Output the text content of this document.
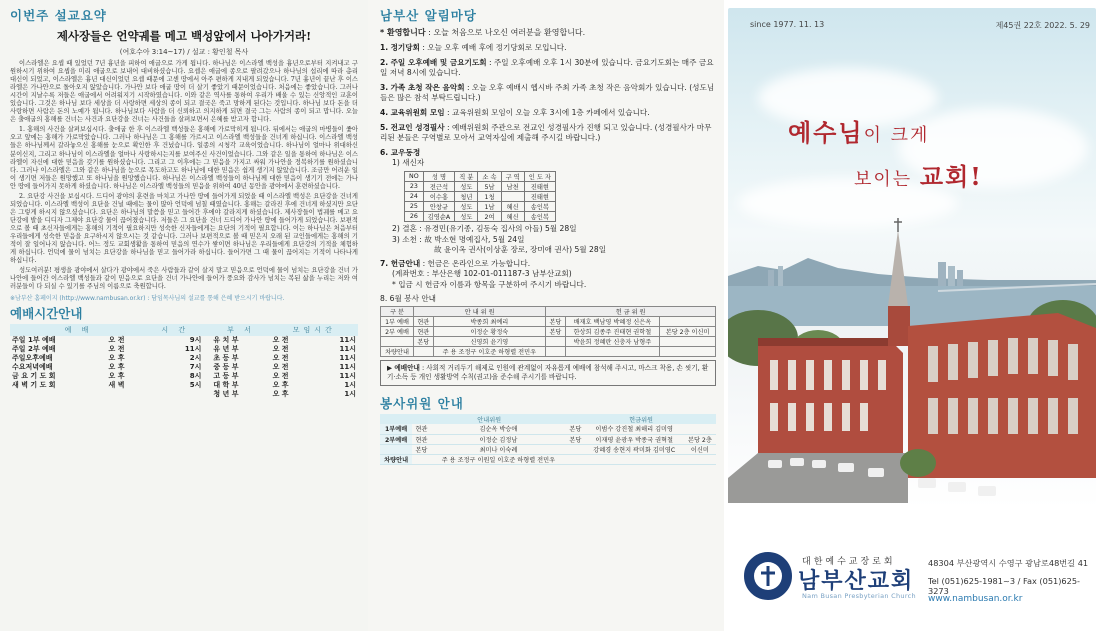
이번주 설교요약
제사장들은 언약궤를 메고 백성앞에서 나아가거라!
(여호수아 3:14~17) / 설교 : 황인철 목사

이스라엘은 요셉 때 있었던 7년 흉년을 피하여 애굽으로 가게 됩니다. 하나님은 이스라엘 백성을 흉년으로부터 지켜내고 구원하시기 위하여 요셉을 미리 애굽으로 보내어 대비하셨습니다. 요셉은 애굽에 종으로 팔려갔으나 하나님의 섭리에 따라 총리 대신이 되었고, 이스라엘은 흉년 대신이었던 요셉 때문에 고센 땅에서 아주 편하게 지내게 되었습니다. 7년 흉년이 끝난 후 이스라엘은 가나안으로 돌아오지 않았습니다. 가나안 보다 애굽 땅이 더 살기 좋았기 때문이었습니다. 처음에는 좋았습니다. 그러나 시간이 지날수록 저들은 애굽에서 어려워지기 시작하였습니다. 이와 같은 역사를 통하여 우리가 배울 수 있는 신앙적인 교훈이 있습니다. 그것은 하나님 보다 세상을 더 사랑하면 세상의 종이 되고 결국은 죽고 망하게 된다는 것입니다. 하나님 보다 돈을 더 사랑하면 사람은 돈의 노예가 됩니다. 하나님보다 사람을 더 신뢰하고 의지하게 되면 결국 그는 사람의 종이 되고 맙니다. 오늘은 출애굽의 홍해를 건너는 사건과 요단강을 건너는 사건들을 살펴보면서 은혜를 받고자 합니다.

1. 홍해의 사건을 살펴보십시다. 출애굽 한 후 이스라엘 백성들은 홍해에 가로막히게 됩니다. 뒤에서는 애굽의 마병들이 좇아오고 앞에는 홍해가 가로막았습니다. 그러나 하나님은 그 홍해를 가르시고 이스라엘 백성들을 건너게 하십니다. 이스라엘 백성들은 하나님께서 갈라놓으신 홍해를 눈으로 확인한 후 건넜습니다. 일종의 시청각 교육이었습니다. 하나님이 얼마나 위대하신 분이신지, 그리고 하나님이 이스라엘을 얼마나 사랑하시는지를 보여주신 사건이었습니다. 그와 같은 일을 통하여 하나님은 이스라엘이 자신에 대한 믿음을 갖기를 원하셨습니다. 그리고 그 이후에는 그 믿음을 가지고 싸워 가나안을 정복하기를 원하셨습니다. 그러나 이스라엘은 그와 같은 하나님을 눈으로 목도하고도 하나님에 대한 믿음은 쉽게 생기지 않았습니다. 조금만 어려운 일이 생기면 저들은 원망했고 또 하나님을 원망했습니다. 하나님은 이스라엘 백성들이 하나님께 대한 믿음이 생기기 전에는 가나안 땅에 들어가지 못하게 하셨습니다. 하나님은 이스라엘 백성들의 믿음을 위하여 40년 동안을 광야에서 훈련하셨습니다.

2. 요단강 사건을 보십시다. 드디어 광야의 훈련을 마치고 가나안 땅에 들어가게 되었을 때 이스라엘 백성은 요단강을 건너게 되었습니다. 이스라엘 백성이 요단을 건널 때에는 물이 많아 언덕에 넘칠 때였습니다. 홍해는 갈라진 후에 건너게 하셨지만 요단은 그렇게 하시지 않으셨습니다. 요단은 하나님의 말씀을 믿고 들어간 후에야 갈라지게 하셨습니다. 제사장들이 법궤를 메고 요단강에 발을 디디자 그제야 요단강 물이 끊어졌습니다. 저들은 그 요단을 건너 드디어 가나안 땅에 들어가게 되었습니다. 보편적으로 볼 때 초신자들에게는 홍해의 기적이 필요하지만 성숙한 신자들에게는 요단의 기적이 필요합니다. 이는 하나님은 처음부터 우리들에게 성숙한 믿음을 요구하시지 않으시는 것 같습니다. 그러나 보편적으로 볼 때 믿은지 오래 된 교인들에게는 홍해의 기적이 잘 일어나지 않습니다. 어느 정도 교회생활을 통하여 믿음의 연수가 쌓이면 하나님은 우리들에게 요단강의 기적을 체험하게 하십니다. 언덕에 물이 넘치는 요단강을 하나님을 믿고 들어가라 하십니다. 들어가면 그 때 물이 끊어지는 기적이 나타나게 하십니다.

성도여러분! 평생을 광야에서 살다가 광야에서 죽은 사람들과 같이 살지 말고 믿음으로 언덕에 물이 넘치는 요단강을 건너 가나안에 들어간 이스라엘 백성들과 같이 믿음으로 요단을 건너 가나안에 들어가 풍요와 감사가 넘치는 복된 삶을 누리는 저와 여러분들이 다 되실 수 있기를 주님의 이름으로 축원합니다.

※남부산 홈페이지 (http://www.nambusan.or.kr) : 담임목사님의 설교를 통해 은혜 받으시기 바랍니다.
예배시간안내
예 배		시 간		부 서	모임시간	
주일 1부 예배	오 전	9시		유 치 부	오 전	11시
주일 2부 예배	오 전	11시		유 년 부	오 전	11시
주일오후예배	오 후	2시		초 등 부	오 전	11시
수요저녁예배	오 후	7시		중 등 부	오 전	11시
금 요 기 도 회	오 후	8시		고 등 부	오 전	11시
새 벽 기 도 회	새 벽	5시		대 학 부	오 후	1시
				청 년 부	오 후	1시
남부산 알림마당
* 환영합니다 : 오늘 처음으로 나오신 여러분을 환영합니다.
1. 정기당회 : 오늘 오후 예배 후에 정기당회로 모입니다.
2. 주일 오후예배 및 금요기도회 : 주일 오후예배 오후 1시 30분에 있습니다. 금요기도회는 매주 금요일 저녁 8시에 있습니다.
3. 가족 초청 작은 음악회 : 오늘 오후 예배시 헵시바 주최 가족 초청 작은 음악회가 있습니다. (성도님들은 많은 참석 부탁드립니다.)
4. 교육위원회 모임 : 교육위원회 모임이 오늘 오후 3시에 1층 카페에서 있습니다.
5. 전교인 성경필사 : 예배위원회 주관으로 전교인 성경필사가 진행 되고 있습니다. (성경필사가 마무리된 분들은 구역별로 모아서 교역자실에 제출해 주시길 바랍니다.)
6. 교우동정
1) 새신자
NO	성 명	직 분	소 속	구 역	인 도 자
23	전근석	성도	5남	남천	진태현
24	이수홍	청년	1청		진태현
25	안창규	성도	1남	혜신	송인복
26	김영순A	성도	2여	혜신	송인복
2) 결혼 : 유경민(유기종, 김동숙 집사의 아들) 5월 28일
3) 소천 : 故 박소현 명예집사, 5월 24일
故 윤이옥 권사(이상훈 장로, 장미애 권사) 5월 28일
7. 헌금안내 : 헌금은 온라인으로 가능합니다.
(계좌번호 : 부산은행 102-01-011187-3 남부산교회)
* 입금 시 헌금자 이름과 항목을 구분하여 주시기 바랍니다.
8. 6월 봉사 안내
구 분	안 내 위 원		헌 금 위 원		
1부 예배	현관	박종희 최예리	본당	배재호 백남영 박혜정 신은옥	
2부 예배	현관	이정순 황정숙	본당	한상희 김종주 진태현 권학철	본당 2층 이신미
	본당	신영희 윤기영		박윤희 정혜란 신충자 남형주	
차량안내		주 용 조정구 이호준 하형렬 전민우			
▶ 예배안내 : 사회적 거리두기 해제로 인원에 관계없이 자유롭게 예배에 참석해 주시고, 마스크 착용, 손 씻기, 환기·소독 등 개인 생활방역 수칙(권고)을 준수해 주시기를 바랍니다.
봉사위원 안내
	안내위원		헌금위원		
1부예배	현관	김순옥 박승애	본당	이범수 강진철 최해리 김미영	
2부예배	현관	이정순 김정남	본당	이재평 윤광우 박종국 권혁철	본당 2층
	본당	최미나 이숙례		강혜경 송현지 곽미화 김미영C	이신미
차량안내		주 용 조정구 이원일 이호준 하형렬 전민우			
since 1977. 11. 13	제45권 22호 2022. 5. 29
예수님이 크게
보이는 교회!
대한예수교장로회
남부산교회
Nam Busan Presbyterian Church
48304 부산광역시 수영구 광남로48번길 41
Tel (051)625-1981~3 / Fax (051)625-3273
www.nambusan.or.kr
